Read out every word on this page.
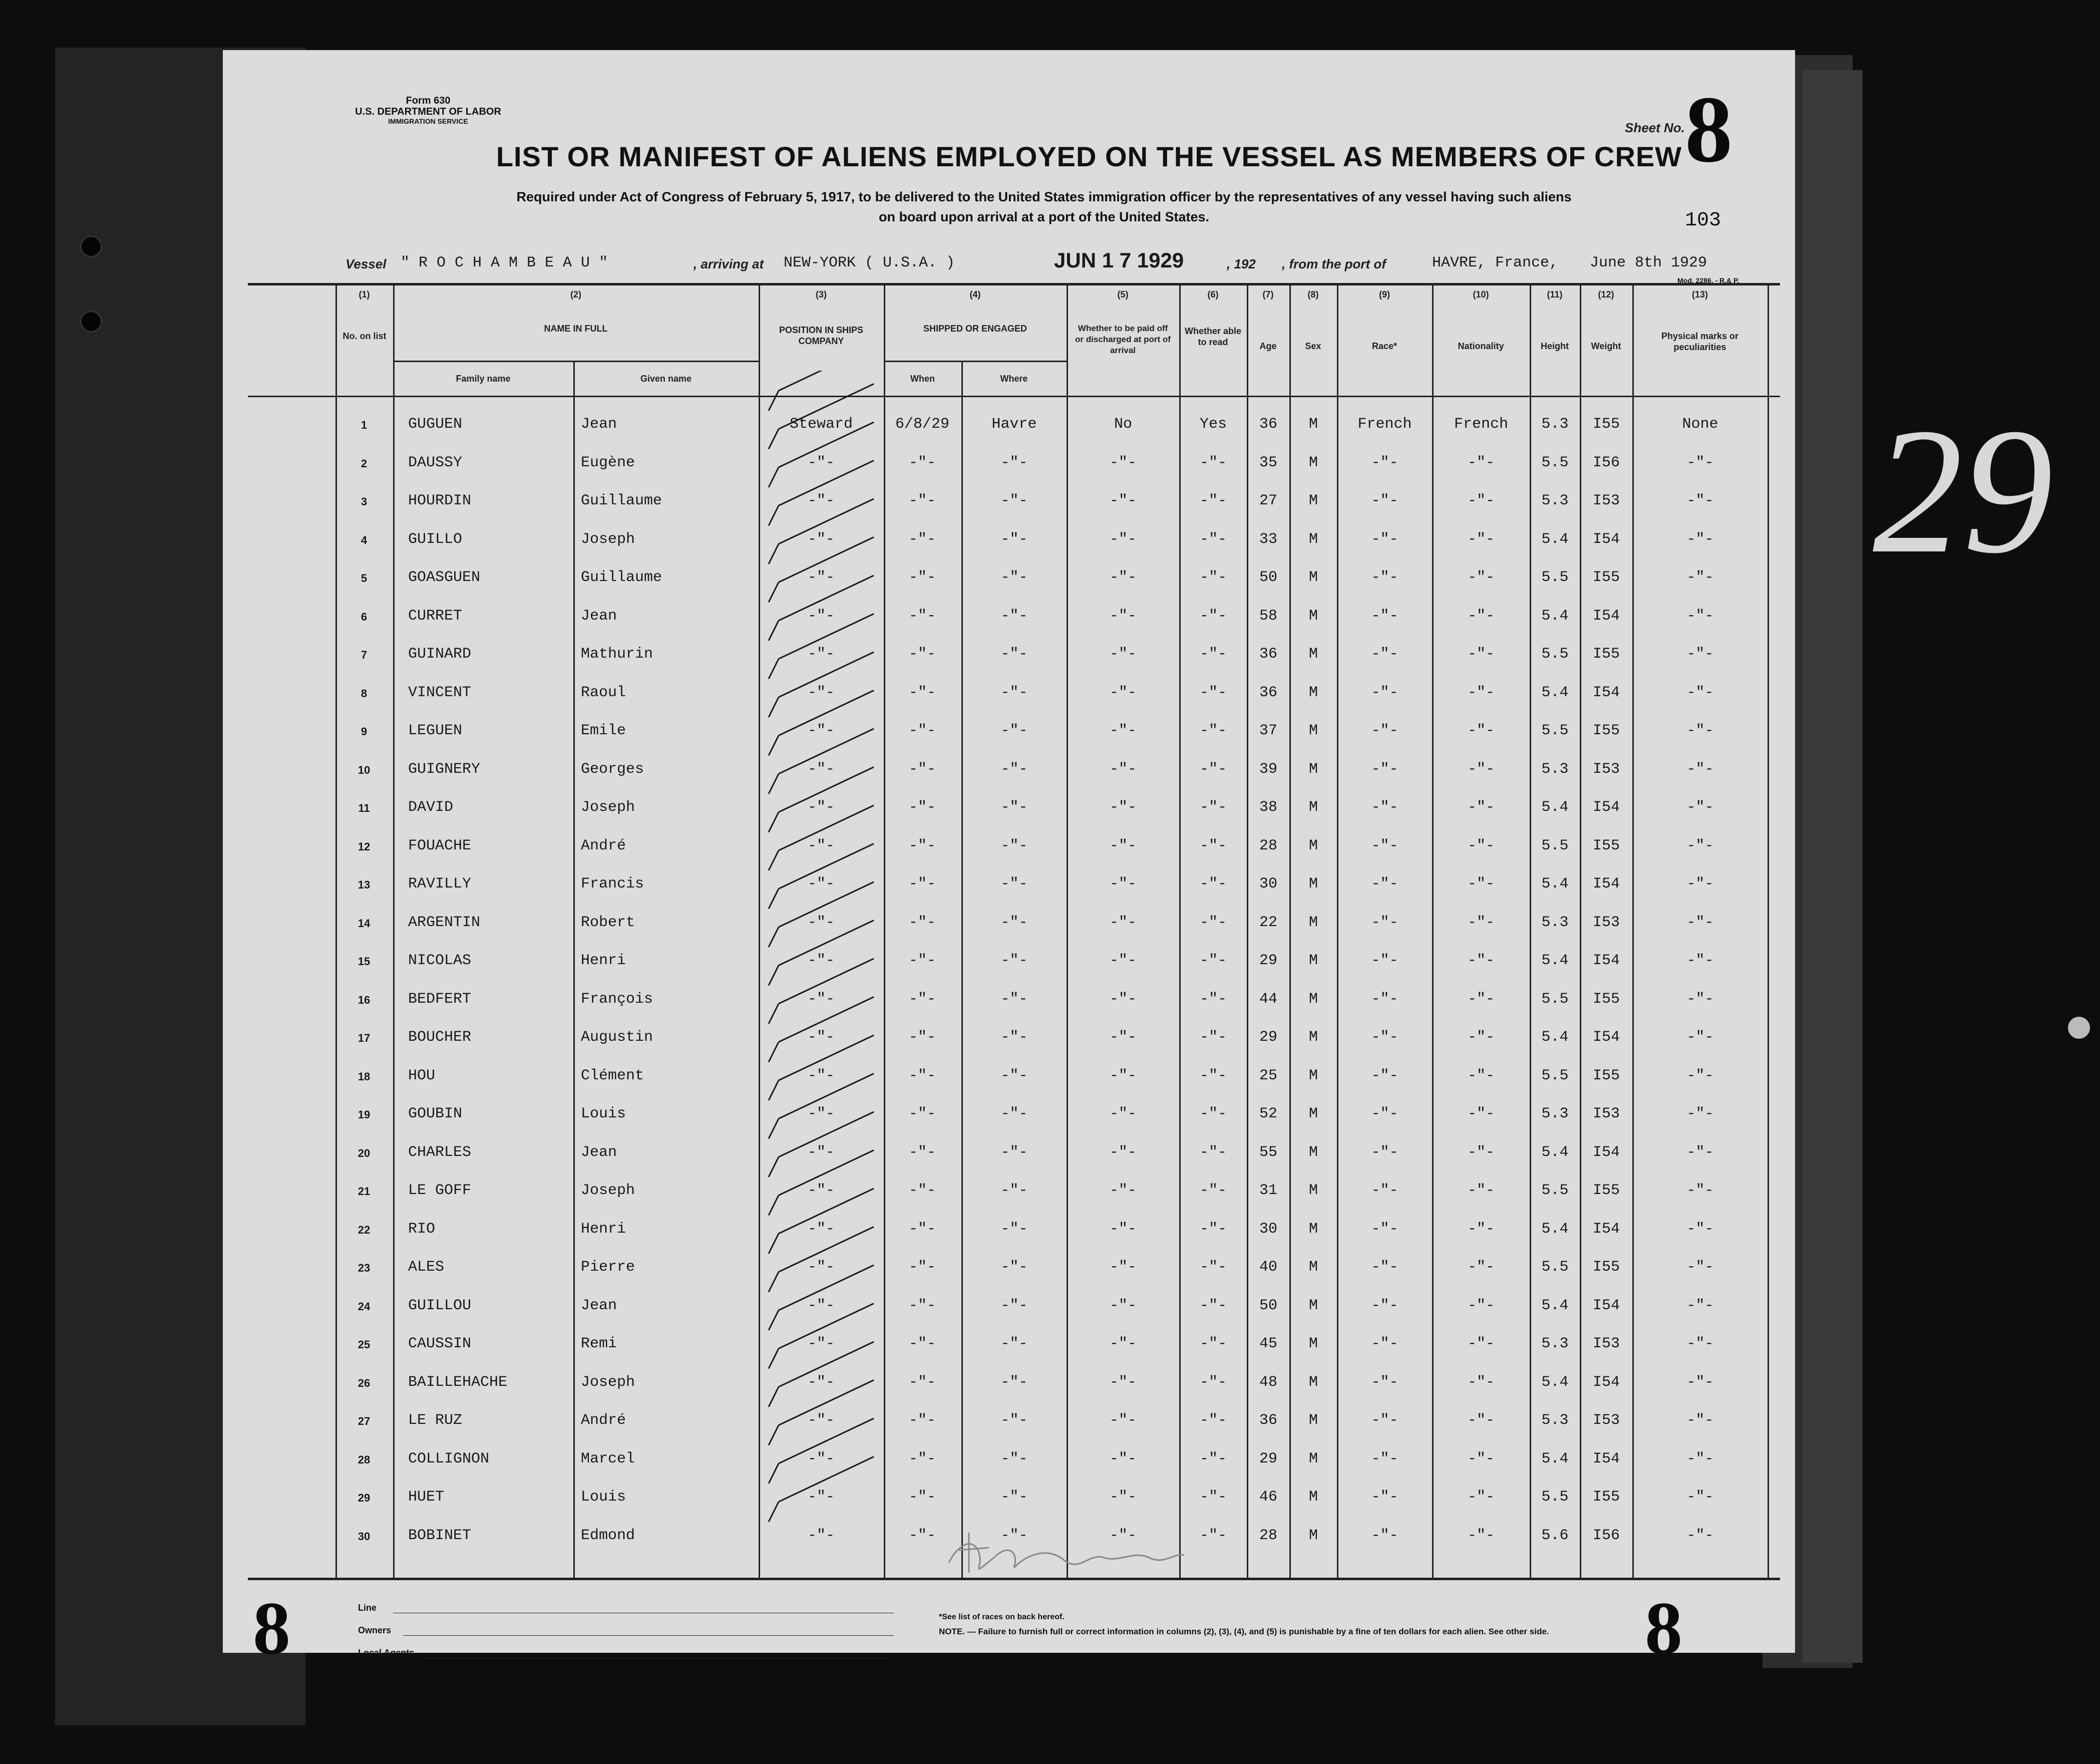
29
Form 630
U.S. DEPARTMENT OF LABOR
IMMIGRATION SERVICE	Sheet No. 8
LIST OR MANIFEST OF ALIENS EMPLOYED ON THE VESSEL AS MEMBERS OF CREW
Required under Act of Congress of February 5, 1917, to be delivered to the United States immigration officer by the representatives of any vessel having such aliens
on board upon arrival at a port of the United States.	103
Vessel " R O C H A M B E A U "	, arriving at NEW-YORK ( U.S.A. )	JUN 1 7 1929	, 192 , from the port of	HAVRE, France, June 8th 1929
Mod. 2286. - R.& P.
(1)	(2)	(3)	(4)	(5)	(6)	(7)	(8)	(9)	(10)	(11)	(12)	(13)
No. on list
NAME IN FULL
Family name	Given name
POSITION IN SHIPS COMPANY
SHIPPED OR ENGAGED
When	Where
Whether to be paid off or discharged at port of arrival
Whether able to read	Age	Sex	Race*	Nationality	Height	Weight
Physical marks or peculiarities
1	GUGUEN	Jean	Steward	6/8/29	Havre	No	Yes	36	M	French	French	5.3	I55	None
2	DAUSSY	Eugène	-"-	-"-	-"-	-"-	-"-	35	M	-"-	-"-	5.5	I56	-"-
3	HOURDIN	Guillaume	-"-	-"-	-"-	-"-	-"-	27	M	-"-	-"-	5.3	I53	-"-
4	GUILLO	Joseph	-"-	-"-	-"-	-"-	-"-	33	M	-"-	-"-	5.4	I54	-"-
5	GOASGUEN	Guillaume	-"-	-"-	-"-	-"-	-"-	50	M	-"-	-"-	5.5	I55	-"-
6	CURRET	Jean	-"-	-"-	-"-	-"-	-"-	58	M	-"-	-"-	5.4	I54	-"-
7	GUINARD	Mathurin	-"-	-"-	-"-	-"-	-"-	36	M	-"-	-"-	5.5	I55	-"-
8	VINCENT	Raoul	-"-	-"-	-"-	-"-	-"-	36	M	-"-	-"-	5.4	I54	-"-
9	LEGUEN	Emile	-"-	-"-	-"-	-"-	-"-	37	M	-"-	-"-	5.5	I55	-"-
10	GUIGNERY	Georges	-"-	-"-	-"-	-"-	-"-	39	M	-"-	-"-	5.3	I53	-"-
11	DAVID	Joseph	-"-	-"-	-"-	-"-	-"-	38	M	-"-	-"-	5.4	I54	-"-
12	FOUACHE	André	-"-	-"-	-"-	-"-	-"-	28	M	-"-	-"-	5.5	I55	-"-
13	RAVILLY	Francis	-"-	-"-	-"-	-"-	-"-	30	M	-"-	-"-	5.4	I54	-"-
14	ARGENTIN	Robert	-"-	-"-	-"-	-"-	-"-	22	M	-"-	-"-	5.3	I53	-"-
15	NICOLAS	Henri	-"-	-"-	-"-	-"-	-"-	29	M	-"-	-"-	5.4	I54	-"-
16	BEDFERT	François	-"-	-"-	-"-	-"-	-"-	44	M	-"-	-"-	5.5	I55	-"-
17	BOUCHER	Augustin	-"-	-"-	-"-	-"-	-"-	29	M	-"-	-"-	5.4	I54	-"-
18	HOU	Clément	-"-	-"-	-"-	-"-	-"-	25	M	-"-	-"-	5.5	I55	-"-
19	GOUBIN	Louis	-"-	-"-	-"-	-"-	-"-	52	M	-"-	-"-	5.3	I53	-"-
20	CHARLES	Jean	-"-	-"-	-"-	-"-	-"-	55	M	-"-	-"-	5.4	I54	-"-
21	LE GOFF	Joseph	-"-	-"-	-"-	-"-	-"-	31	M	-"-	-"-	5.5	I55	-"-
22	RIO	Henri	-"-	-"-	-"-	-"-	-"-	30	M	-"-	-"-	5.4	I54	-"-
23	ALES	Pierre	-"-	-"-	-"-	-"-	-"-	40	M	-"-	-"-	5.5	I55	-"-
24	GUILLOU	Jean	-"-	-"-	-"-	-"-	-"-	50	M	-"-	-"-	5.4	I54	-"-
25	CAUSSIN	Remi	-"-	-"-	-"-	-"-	-"-	45	M	-"-	-"-	5.3	I53	-"-
26	BAILLEHACHE	Joseph	-"-	-"-	-"-	-"-	-"-	48	M	-"-	-"-	5.4	I54	-"-
27	LE RUZ	André	-"-	-"-	-"-	-"-	-"-	36	M	-"-	-"-	5.3	I53	-"-
28	COLLIGNON	Marcel	-"-	-"-	-"-	-"-	-"-	29	M	-"-	-"-	5.4	I54	-"-
29	HUET	Louis	-"-	-"-	-"-	-"-	-"-	46	M	-"-	-"-	5.5	I55	-"-
30	BOBINET	Edmond	-"-	-"-	-"-	-"-	-"-	28	M	-"-	-"-	5.6	I56	-"-
8	8
Line
Owners
Local Agents
*See list of races on back hereof.
NOTE. — Failure to furnish full or correct information in columns (2), (3), (4), and (5) is punishable by a fine of ten dollars for each alien. See other side.
